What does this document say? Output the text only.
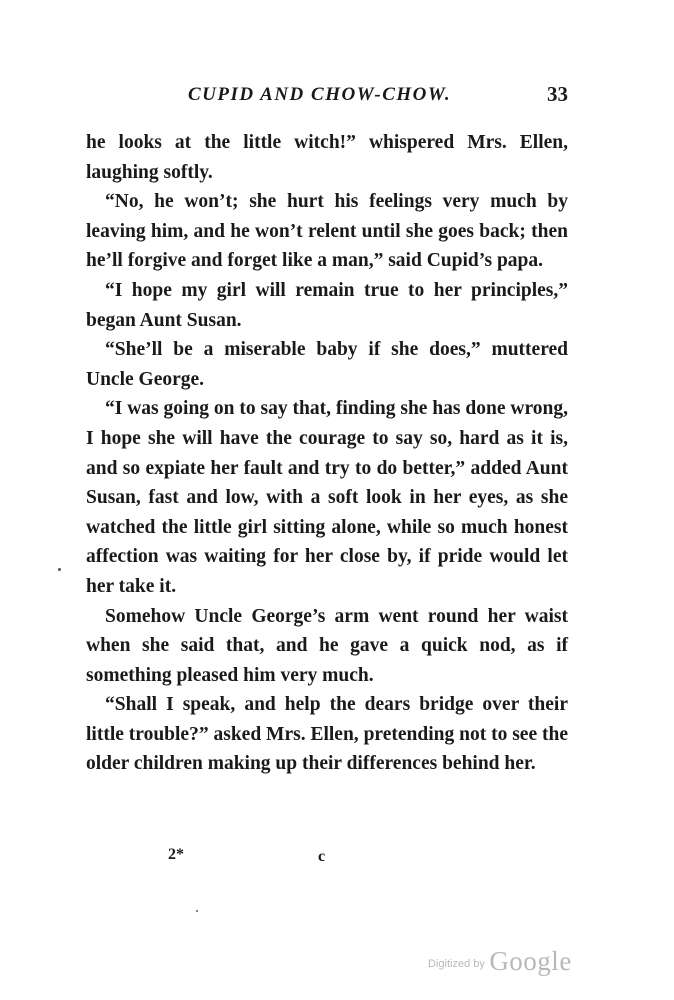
CUPID AND CHOW-CHOW.	33

he looks at the little witch!” whispered Mrs. Ellen, laughing softly.

“No, he won’t; she hurt his feelings very much by leaving him, and he won’t relent until she goes back; then he’ll forgive and forget like a man,” said Cupid’s papa.

“I hope my girl will remain true to her principles,” began Aunt Susan.

“She’ll be a miserable baby if she does,” muttered Uncle George.

“I was going on to say that, finding she has done wrong, I hope she will have the courage to say so, hard as it is, and so expiate her fault and try to do better,” added Aunt Susan, fast and low, with a soft look in her eyes, as she watched the little girl sitting alone, while so much honest affection was waiting for her close by, if pride would let her take it.

Somehow Uncle George’s arm went round her waist when she said that, and he gave a quick nod, as if something pleased him very much.

“Shall I speak, and help the dears bridge over their little trouble?” asked Mrs. Ellen, pretending not to see the older children making up their differences behind her.

2*	c
Digitized by Google
